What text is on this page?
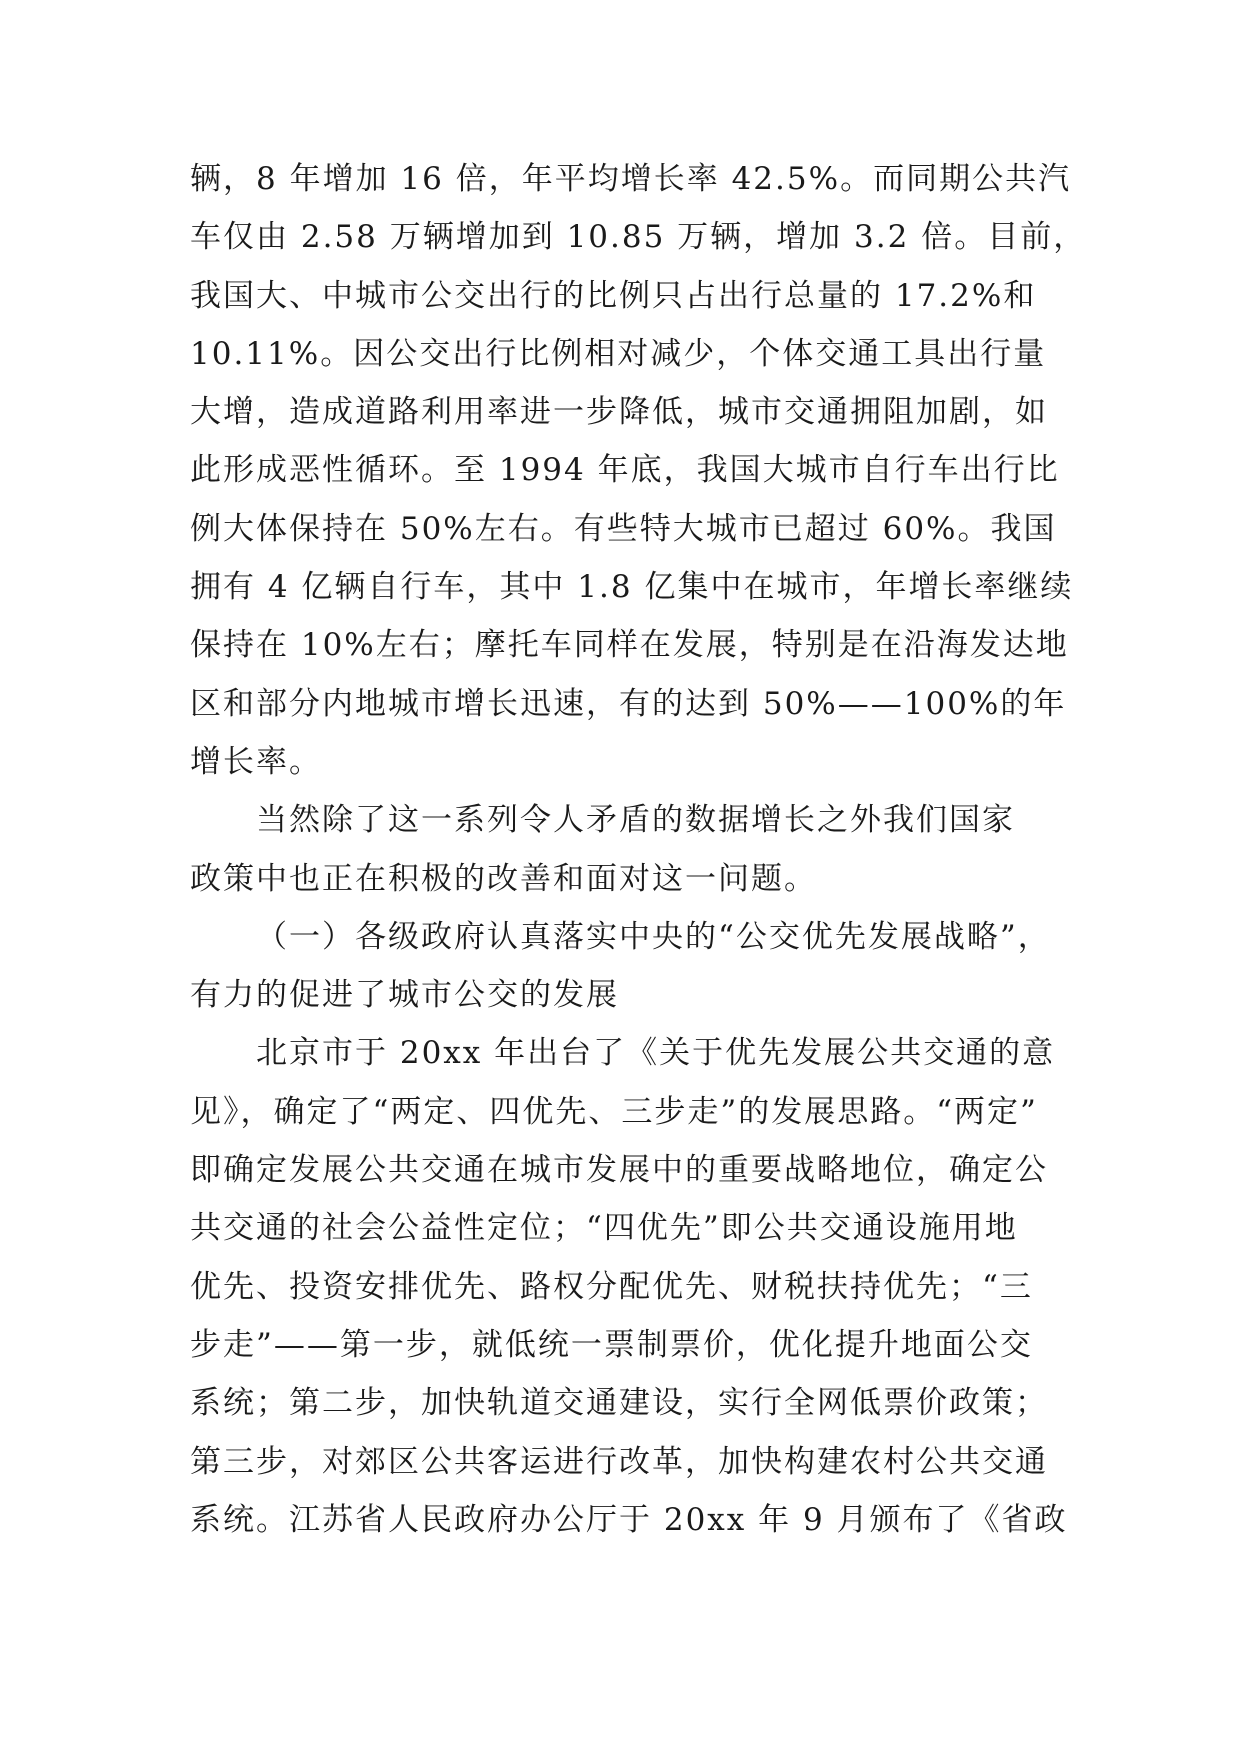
辆，8 年增加 16 倍，年平均增长率 42.5%。而同期公共汽
车仅由 2.58 万辆增加到 10.85 万辆，增加 3.2 倍。目前，
我国大、中城市公交出行的比例只占出行总量的 17.2%和
10.11%。因公交出行比例相对减少，个体交通工具出行量
大增，造成道路利用率进一步降低，城市交通拥阻加剧，如
此形成恶性循环。至 1994 年底，我国大城市自行车出行比
例大体保持在 50%左右。有些特大城市已超过 60%。我国
拥有 4 亿辆自行车，其中 1.8 亿集中在城市，年增长率继续
保持在 10%左右；摩托车同样在发展，特别是在沿海发达地
区和部分内地城市增长迅速，有的达到 50%——100%的年
增长率。
当然除了这一系列令人矛盾的数据增长之外我们国家
政策中也正在积极的改善和面对这一问题。
（一）各级政府认真落实中央的“公交优先发展战略”，
有力的促进了城市公交的发展
北京市于 20xx 年出台了《关于优先发展公共交通的意
见》，确定了“两定、四优先、三步走”的发展思路。“两定”
即确定发展公共交通在城市发展中的重要战略地位，确定公
共交通的社会公益性定位；“四优先”即公共交通设施用地
优先、投资安排优先、路权分配优先、财税扶持优先；“三
步走”——第一步，就低统一票制票价，优化提升地面公交
系统；第二步，加快轨道交通建设，实行全网低票价政策；
第三步，对郊区公共客运进行改革，加快构建农村公共交通
系统。江苏省人民政府办公厅于 20xx 年 9 月颁布了《省政
